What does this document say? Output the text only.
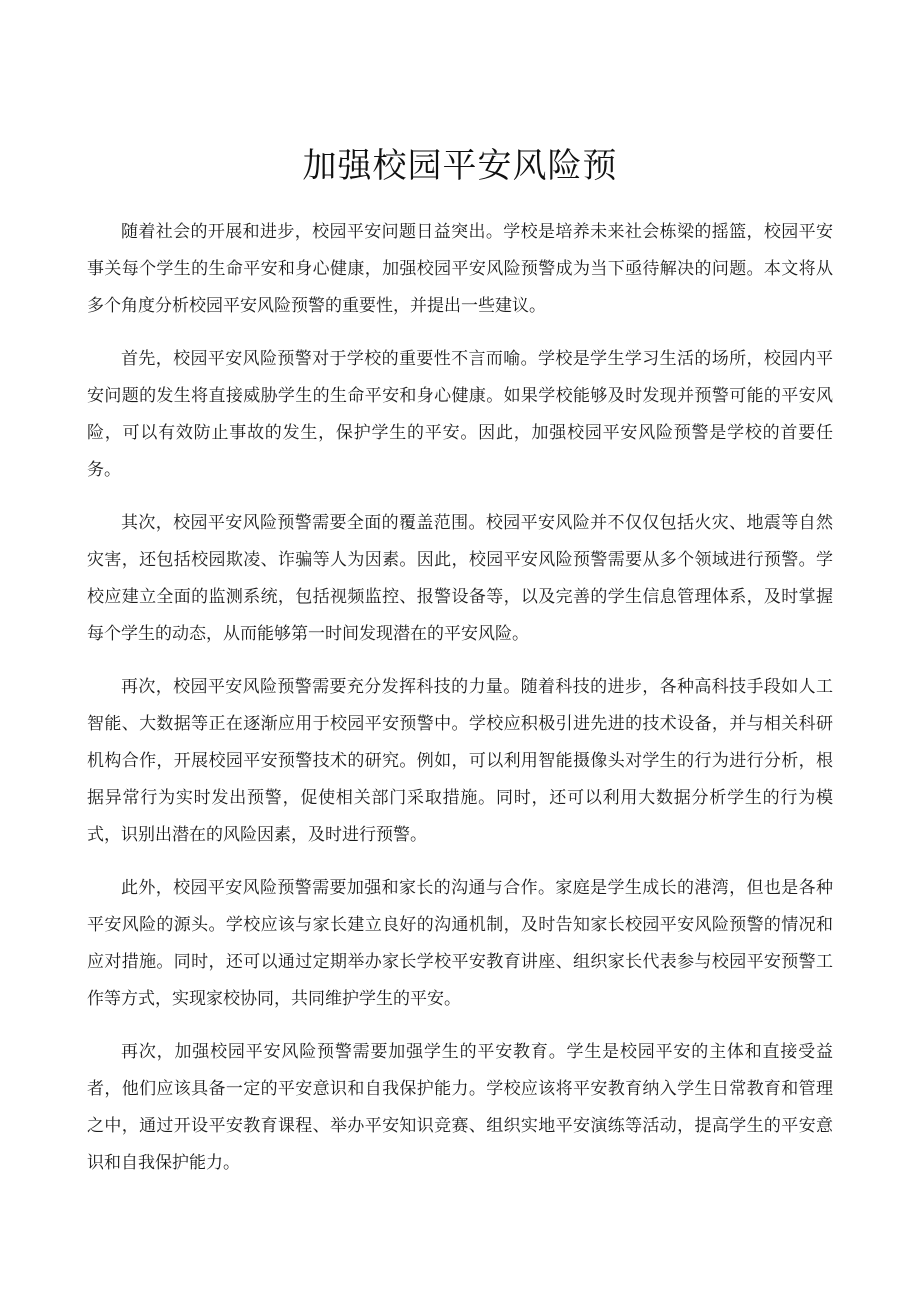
加强校园平安风险预

随着社会的开展和进步，校园平安问题日益突出。学校是培养未来社会栋梁的摇篮，校园平安事关每个学生的生命平安和身心健康，加强校园平安风险预警成为当下亟待解决的问题。本文将从多个角度分析校园平安风险预警的重要性，并提出一些建议。

首先，校园平安风险预警对于学校的重要性不言而喻。学校是学生学习生活的场所，校园内平安问题的发生将直接威胁学生的生命平安和身心健康。如果学校能够及时发现并预警可能的平安风险，可以有效防止事故的发生，保护学生的平安。因此，加强校园平安风险预警是学校的首要任务。

其次，校园平安风险预警需要全面的覆盖范围。校园平安风险并不仅仅包括火灾、地震等自然灾害，还包括校园欺凌、诈骗等人为因素。因此，校园平安风险预警需要从多个领域进行预警。学校应建立全面的监测系统，包括视频监控、报警设备等，以及完善的学生信息管理体系，及时掌握每个学生的动态，从而能够第一时间发现潜在的平安风险。

再次，校园平安风险预警需要充分发挥科技的力量。随着科技的进步，各种高科技手段如人工智能、大数据等正在逐渐应用于校园平安预警中。学校应积极引进先进的技术设备，并与相关科研机构合作，开展校园平安预警技术的研究。例如，可以利用智能摄像头对学生的行为进行分析，根据异常行为实时发出预警，促使相关部门采取措施。同时，还可以利用大数据分析学生的行为模式，识别出潜在的风险因素，及时进行预警。

此外，校园平安风险预警需要加强和家长的沟通与合作。家庭是学生成长的港湾，但也是各种平安风险的源头。学校应该与家长建立良好的沟通机制，及时告知家长校园平安风险预警的情况和应对措施。同时，还可以通过定期举办家长学校平安教育讲座、组织家长代表参与校园平安预警工作等方式，实现家校协同，共同维护学生的平安。

再次，加强校园平安风险预警需要加强学生的平安教育。学生是校园平安的主体和直接受益者，他们应该具备一定的平安意识和自我保护能力。学校应该将平安教育纳入学生日常教育和管理之中，通过开设平安教育课程、举办平安知识竞赛、组织实地平安演练等活动，提高学生的平安意识和自我保护能力。
